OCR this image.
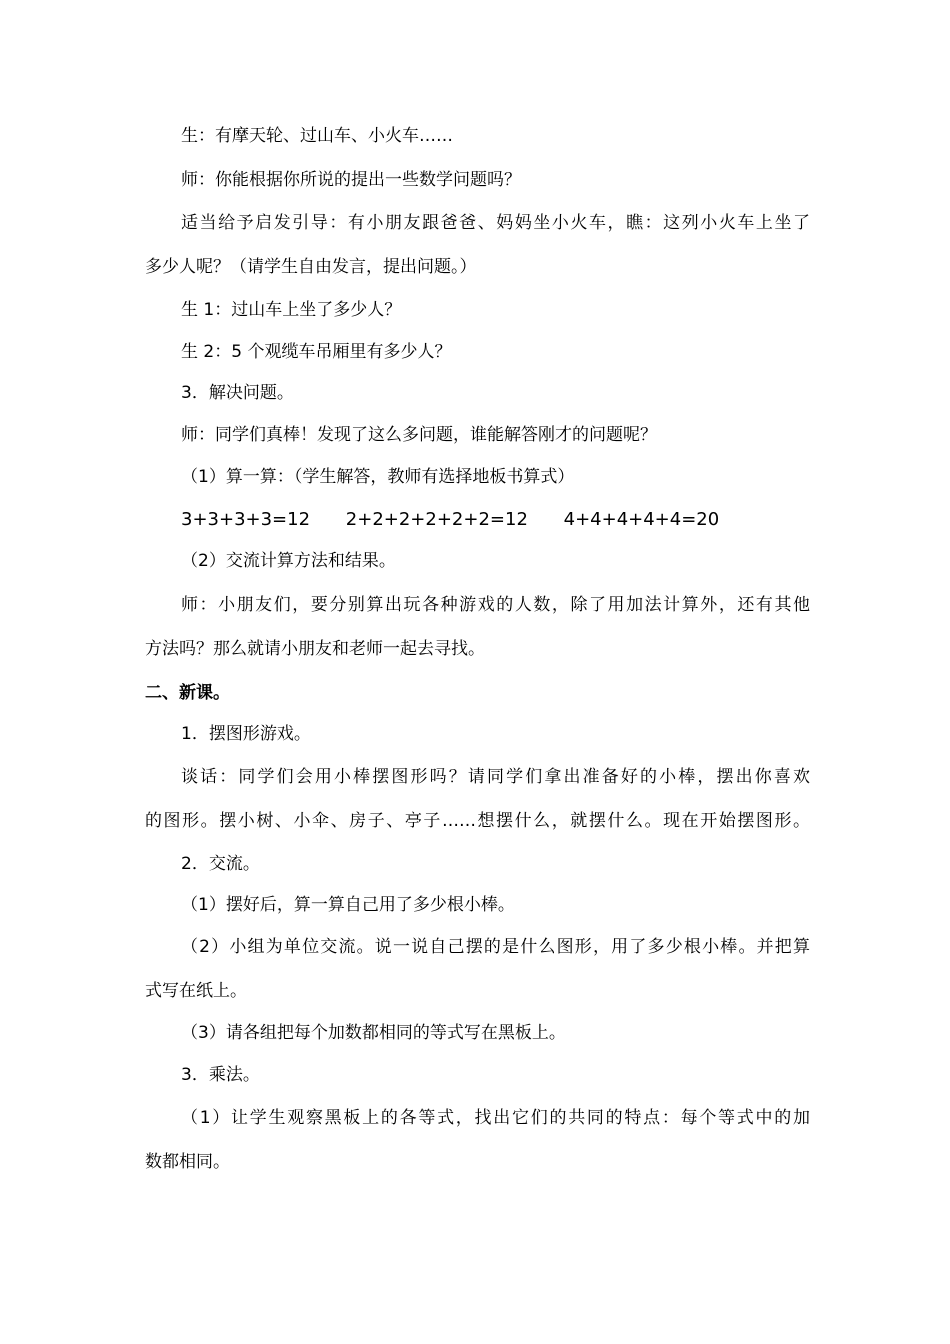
生：有摩天轮、过山车、小火车……
师：你能根据你所说的提出一些数学问题吗？
适当给予启发引导：有小朋友跟爸爸、妈妈坐小火车，瞧：这列小火车上坐了
多少人呢？（请学生自由发言，提出问题。）
生 1：过山车上坐了多少人？
生 2：5 个观缆车吊厢里有多少人？
3．解决问题。
师：同学们真棒！发现了这么多问题，谁能解答刚才的问题呢？
（1）算一算：（学生解答，教师有选择地板书算式）
3+3+3+3=12 2+2+2+2+2+2=12 4+4+4+4+4=20
（2）交流计算方法和结果。
师：小朋友们，要分别算出玩各种游戏的人数，除了用加法计算外，还有其他
方法吗？那么就请小朋友和老师一起去寻找。
二、新课。
1．摆图形游戏。
谈话：同学们会用小棒摆图形吗？请同学们拿出准备好的小棒，摆出你喜欢
的图形。摆小树、小伞、房子、亭子……想摆什么，就摆什么。现在开始摆图形。
2．交流。
（1）摆好后，算一算自己用了多少根小棒。
（2）小组为单位交流。说一说自己摆的是什么图形，用了多少根小棒。并把算
式写在纸上。
（3）请各组把每个加数都相同的等式写在黑板上。
3．乘法。
（1）让学生观察黑板上的各等式，找出它们的共同的特点：每个等式中的加
数都相同。
